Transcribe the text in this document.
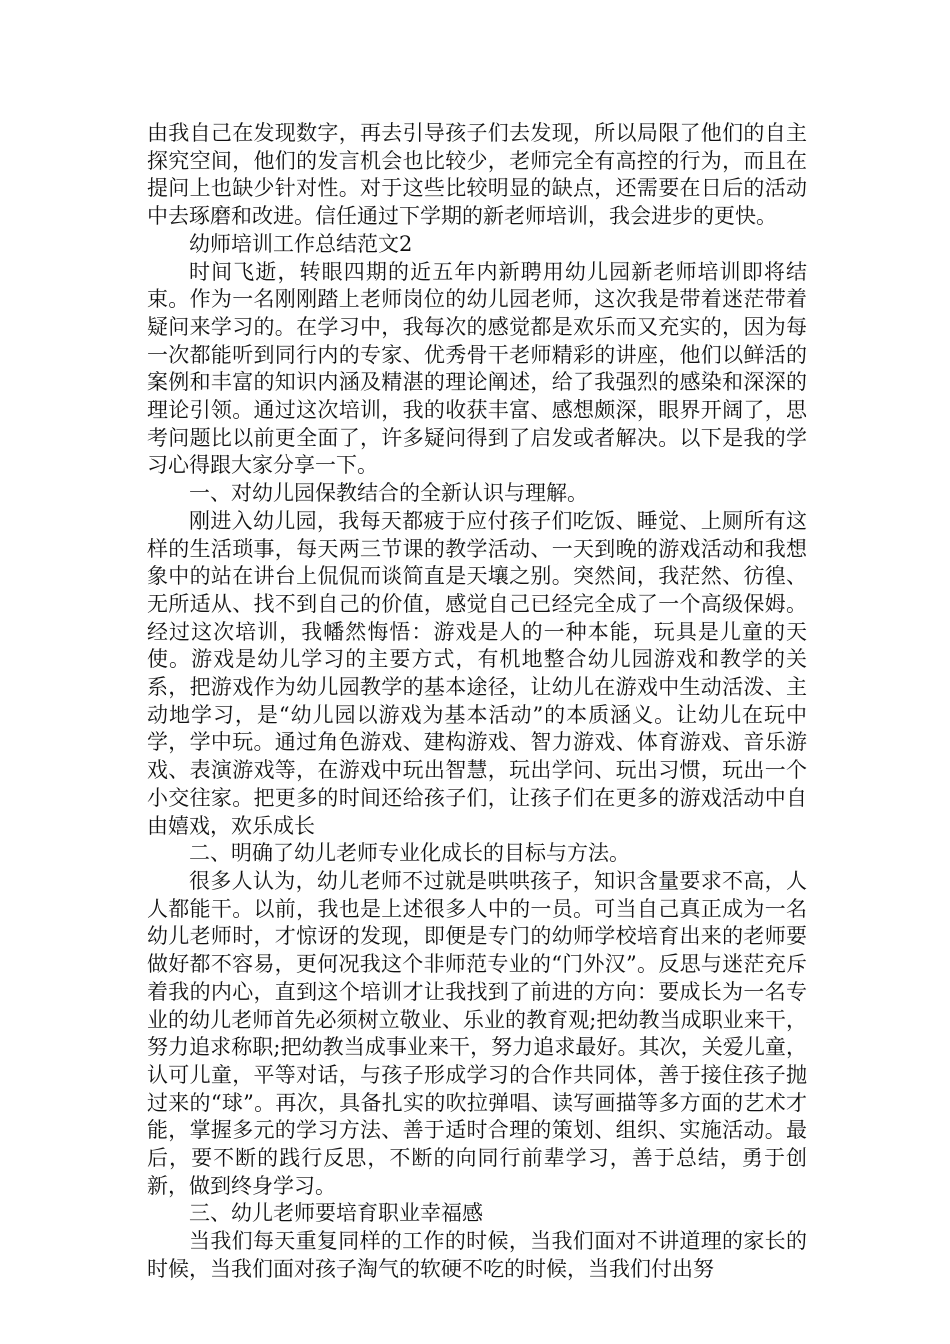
由我自己在发现数字，再去引导孩子们去发现，所以局限了他们的自主探究空间，他们的发言机会也比较少，老师完全有高控的行为，而且在提问上也缺少针对性。对于这些比较明显的缺点，还需要在日后的活动中去琢磨和改进。信任通过下学期的新老师培训，我会进步的更快。

幼师培训工作总结范文2

时间飞逝，转眼四期的近五年内新聘用幼儿园新老师培训即将结束。作为一名刚刚踏上老师岗位的幼儿园老师，这次我是带着迷茫带着疑问来学习的。在学习中，我每次的感觉都是欢乐而又充实的，因为每一次都能听到同行内的专家、优秀骨干老师精彩的讲座，他们以鲜活的案例和丰富的知识内涵及精湛的理论阐述，给了我强烈的感染和深深的理论引领。通过这次培训，我的收获丰富、感想颇深，眼界开阔了，思考问题比以前更全面了，许多疑问得到了启发或者解决。以下是我的学习心得跟大家分享一下。

一、对幼儿园保教结合的全新认识与理解。

刚进入幼儿园，我每天都疲于应付孩子们吃饭、睡觉、上厕所有这样的生活琐事，每天两三节课的教学活动、一天到晚的游戏活动和我想象中的站在讲台上侃侃而谈简直是天壤之别。突然间，我茫然、彷徨、无所适从、找不到自己的价值，感觉自己已经完全成了一个高级保姆。经过这次培训，我幡然悔悟：游戏是人的一种本能，玩具是儿童的天使。游戏是幼儿学习的主要方式，有机地整合幼儿园游戏和教学的关系，把游戏作为幼儿园教学的基本途径，让幼儿在游戏中生动活泼、主动地学习，是“幼儿园以游戏为基本活动”的本质涵义。让幼儿在玩中学，学中玩。通过角色游戏、建构游戏、智力游戏、体育游戏、音乐游戏、表演游戏等，在游戏中玩出智慧，玩出学问、玩出习惯，玩出一个小交往家。把更多的时间还给孩子们，让孩子们在更多的游戏活动中自由嬉戏，欢乐成长

二、明确了幼儿老师专业化成长的目标与方法。

很多人认为，幼儿老师不过就是哄哄孩子，知识含量要求不高，人人都能干。以前，我也是上述很多人中的一员。可当自己真正成为一名幼儿老师时，才惊讶的发现，即便是专门的幼师学校培育出来的老师要做好都不容易，更何况我这个非师范专业的“门外汉”。反思与迷茫充斥着我的内心，直到这个培训才让我找到了前进的方向：要成长为一名专业的幼儿老师首先必须树立敬业、乐业的教育观;把幼教当成职业来干，努力追求称职;把幼教当成事业来干，努力追求最好。其次，关爱儿童，认可儿童，平等对话，与孩子形成学习的合作共同体，善于接住孩子抛过来的“球”。再次，具备扎实的吹拉弹唱、读写画描等多方面的艺术才能，掌握多元的学习方法、善于适时合理的策划、组织、实施活动。最后，要不断的践行反思，不断的向同行前辈学习，善于总结，勇于创新，做到终身学习。

三、幼儿老师要培育职业幸福感

当我们每天重复同样的工作的时候，当我们面对不讲道理的家长的时候，当我们面对孩子淘气的软硬不吃的时候，当我们付出努
